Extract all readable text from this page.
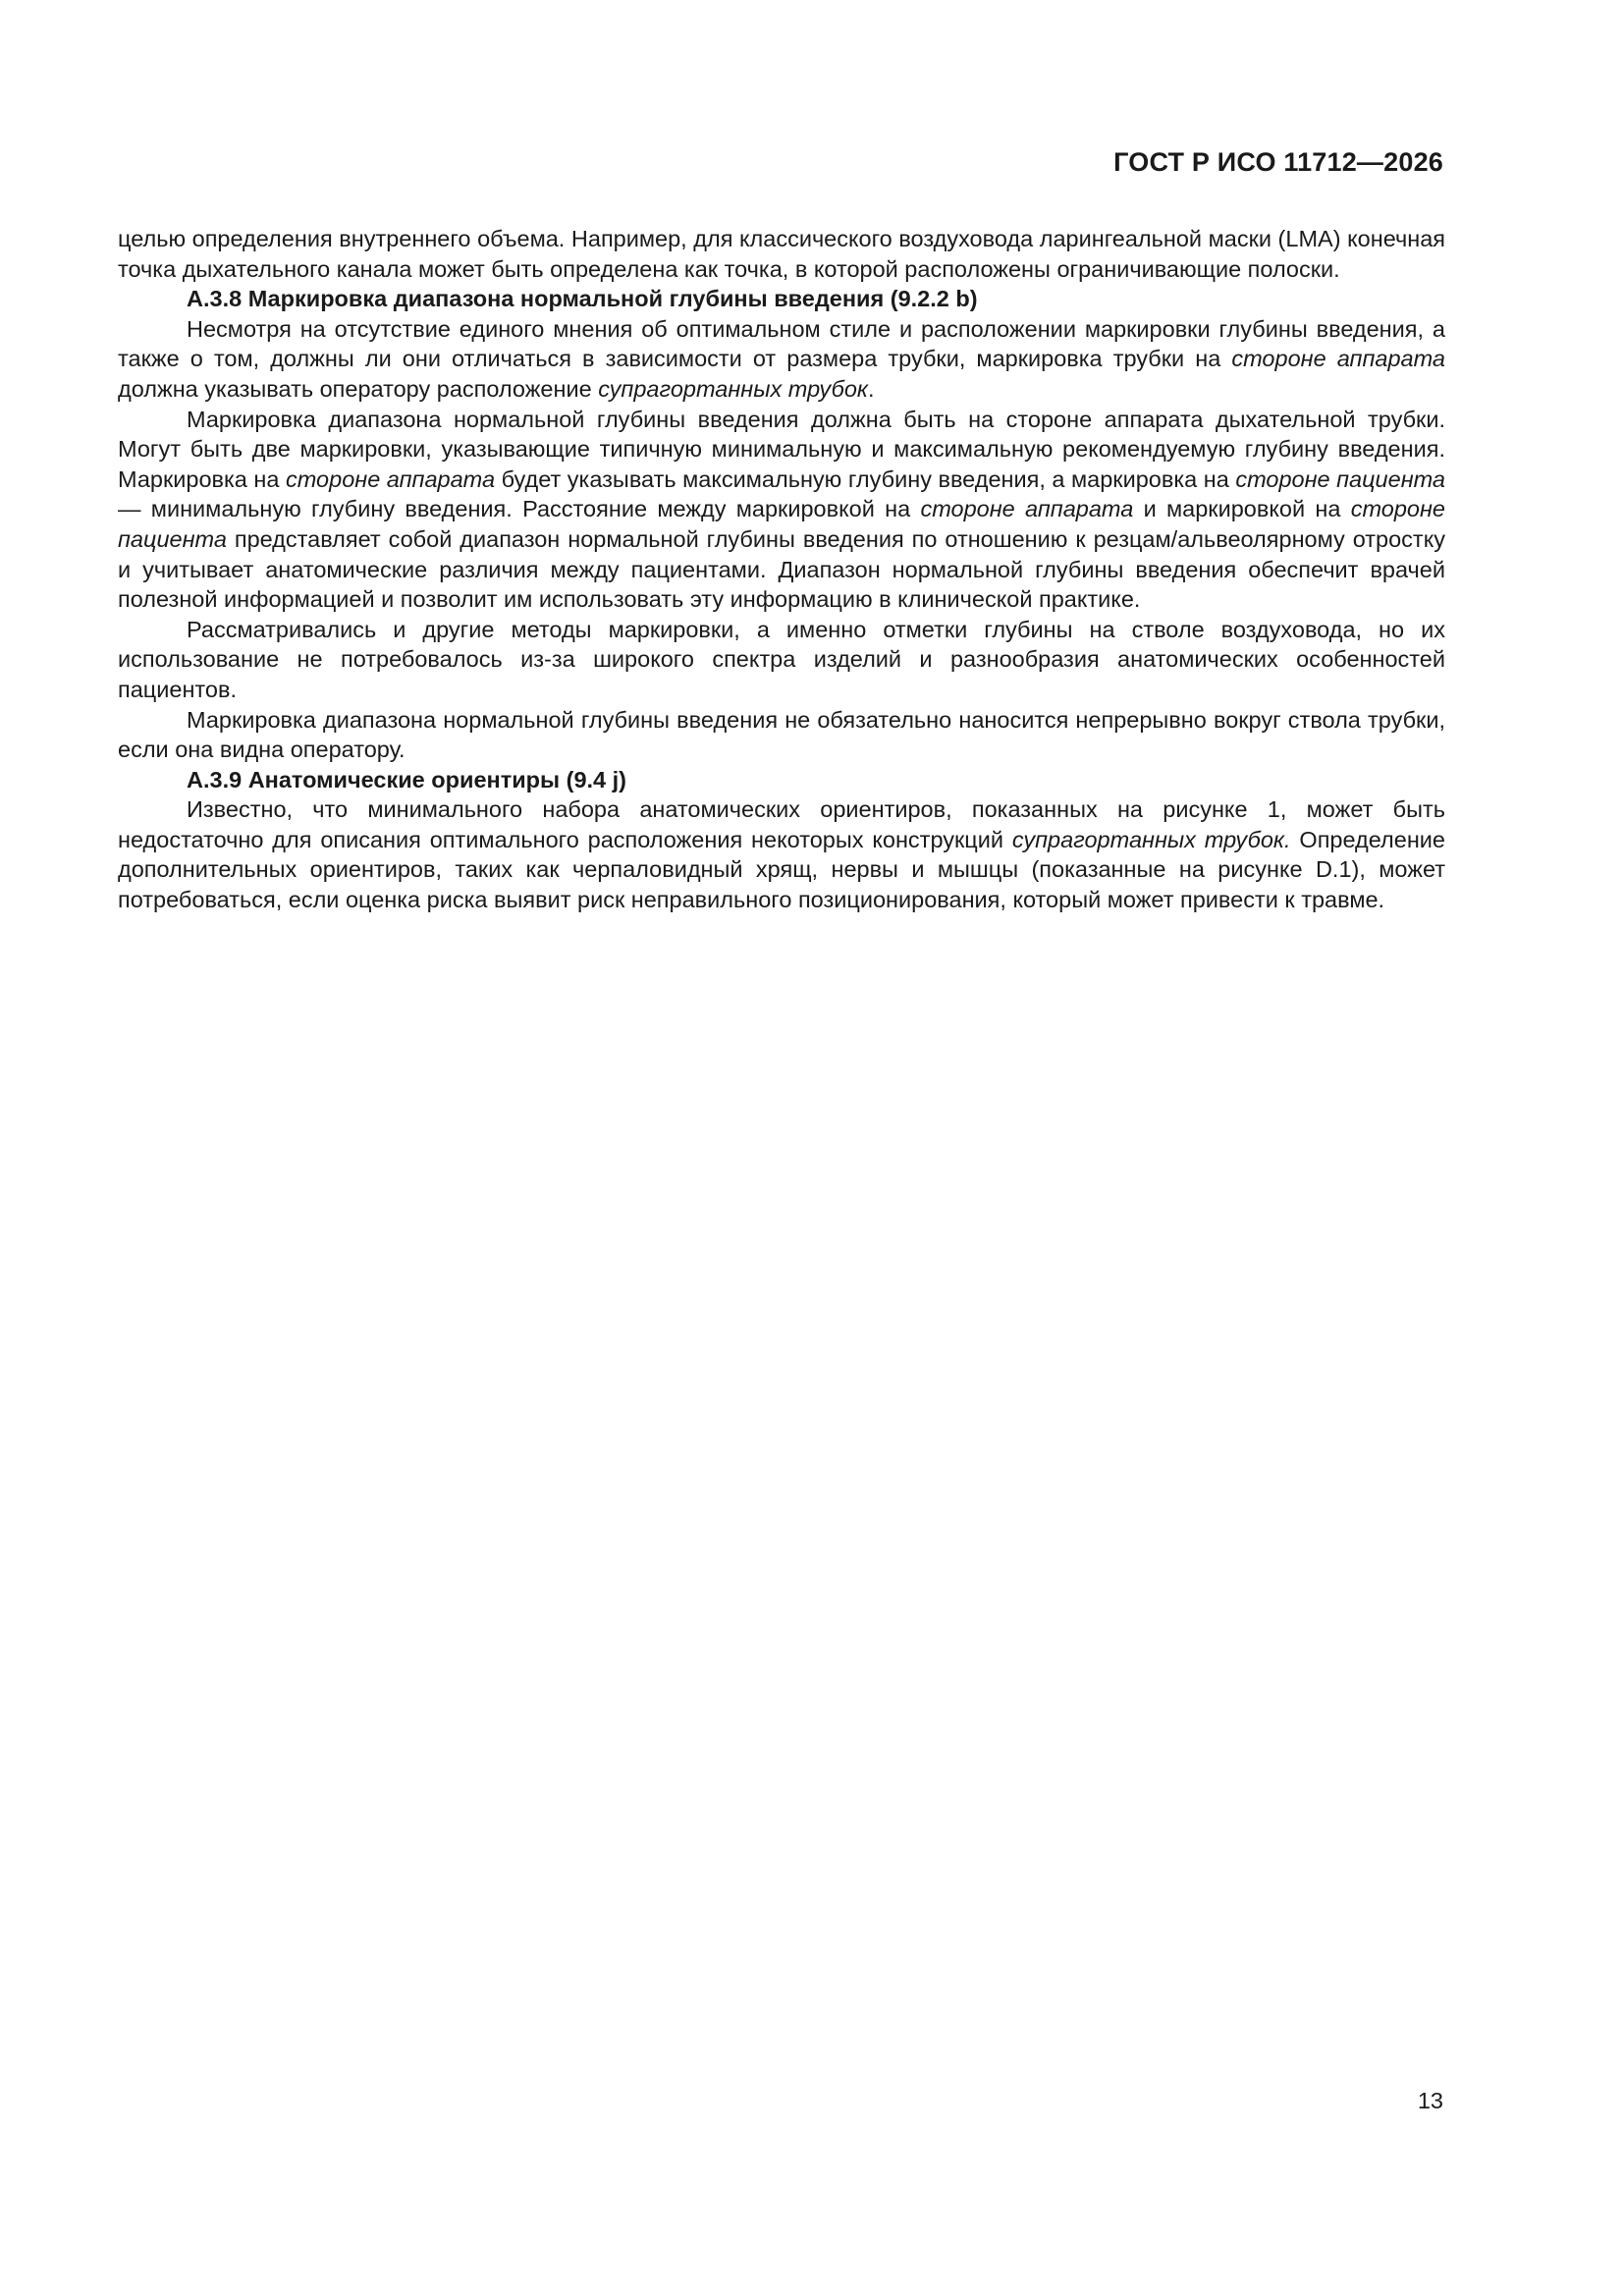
ГОСТ Р ИСО 11712—2026

целью определения внутреннего объема. Например, для классического воздуховода ларингеальной маски (LMA) конечная точка дыхательного канала может быть определена как точка, в которой расположены ограничивающие полоски.

А.3.8 Маркировка диапазона нормальной глубины введения (9.2.2 b)

Несмотря на отсутствие единого мнения об оптимальном стиле и расположении маркировки глубины введения, а также о том, должны ли они отличаться в зависимости от размера трубки, маркировка трубки на стороне аппарата должна указывать оператору расположение супрагортанных трубок.

Маркировка диапазона нормальной глубины введения должна быть на стороне аппарата дыхательной трубки. Могут быть две маркировки, указывающие типичную минимальную и максимальную рекомендуемую глубину введения. Маркировка на стороне аппарата будет указывать максимальную глубину введения, а маркировка на стороне пациента — минимальную глубину введения. Расстояние между маркировкой на стороне аппарата и маркировкой на стороне пациента представляет собой диапазон нормальной глубины введения по отношению к резцам/альвеолярному отростку и учитывает анатомические различия между пациентами. Диапазон нормальной глубины введения обеспечит врачей полезной информацией и позволит им использовать эту информацию в клинической практике.

Рассматривались и другие методы маркировки, а именно отметки глубины на стволе воздуховода, но их использование не потребовалось из-за широкого спектра изделий и разнообразия анатомических особенностей пациентов.

Маркировка диапазона нормальной глубины введения не обязательно наносится непрерывно вокруг ствола трубки, если она видна оператору.

А.3.9 Анатомические ориентиры (9.4 j)

Известно, что минимального набора анатомических ориентиров, показанных на рисунке 1, может быть недостаточно для описания оптимального расположения некоторых конструкций супрагортанных трубок. Определение дополнительных ориентиров, таких как черпаловидный хрящ, нервы и мышцы (показанные на рисунке D.1), может потребоваться, если оценка риска выявит риск неправильного позиционирования, который может привести к травме.

13
